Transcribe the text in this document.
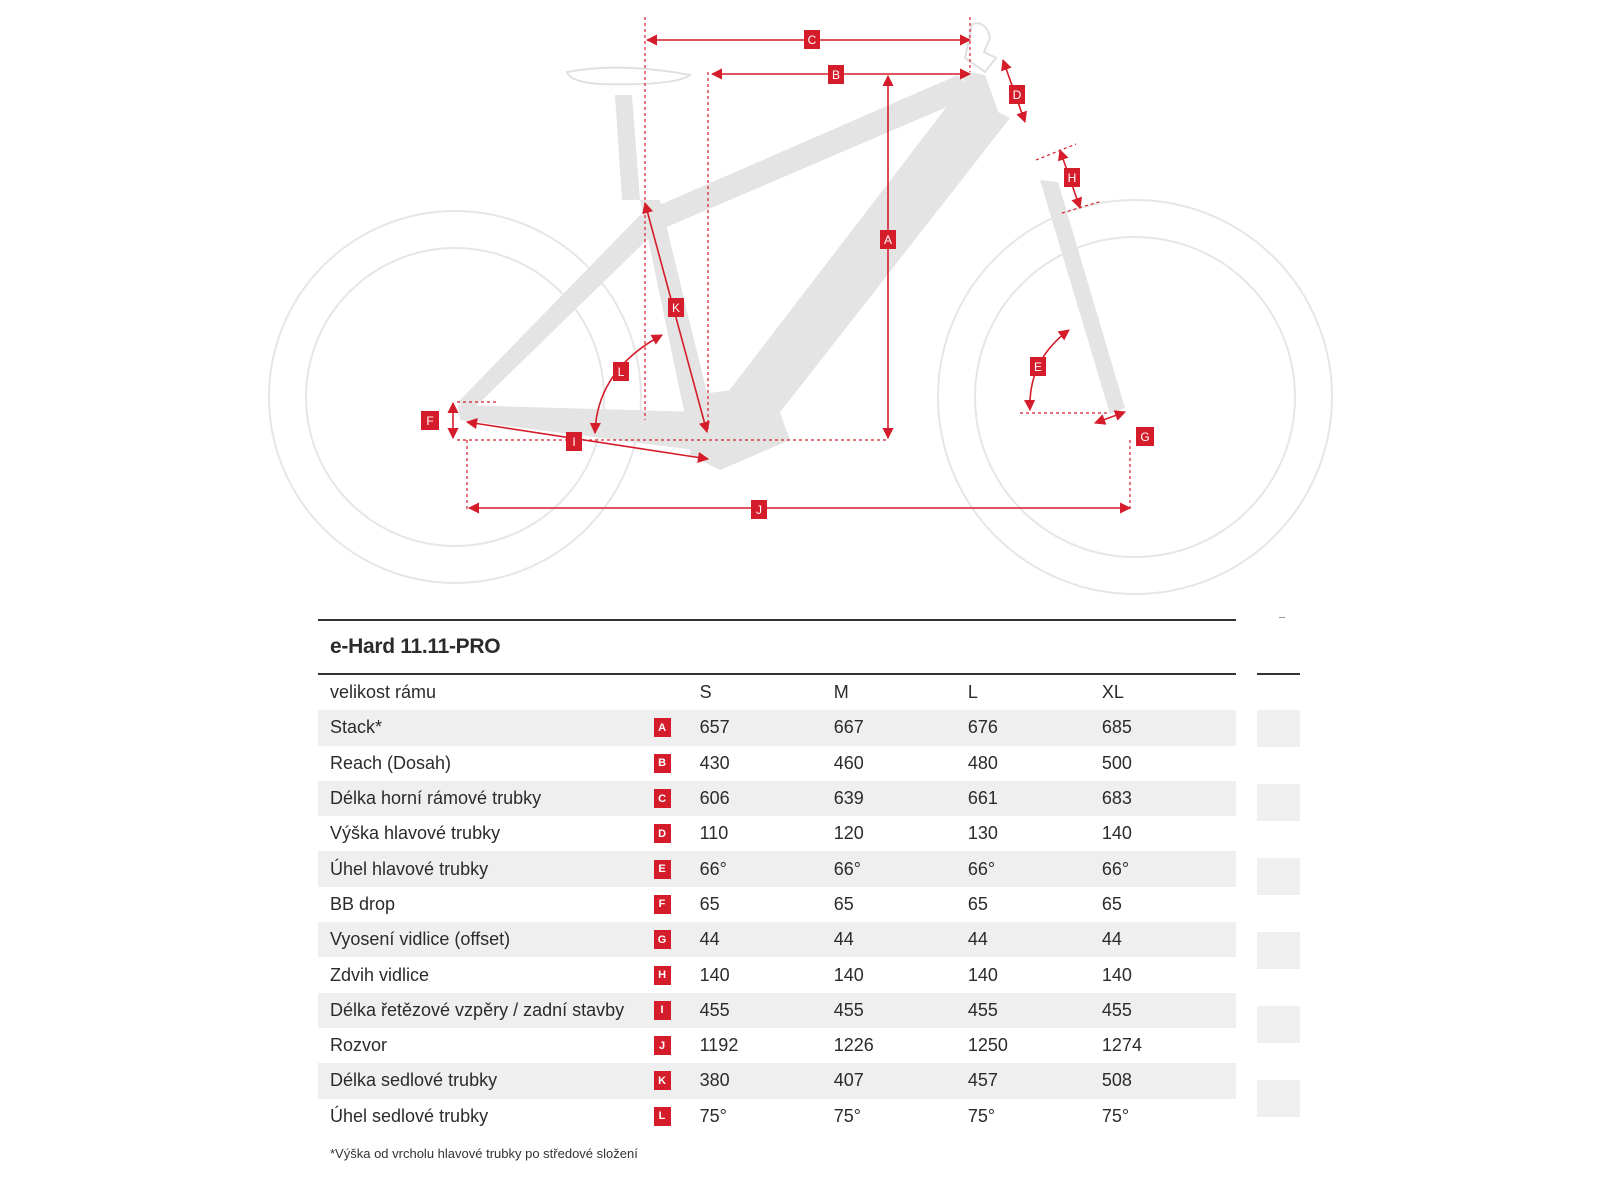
A
B
C
D
E
F
G
H
I
J
K
L
e-Hard 11.11-PRO
velikost rámu	S	M	L	XL
Stack*	A 657	667	676	685
Reach (Dosah)	B 430	460	480	500
Délka horní rámové trubky	C 606	639	661	683
Výška hlavové trubky	D 110	120	130	140
Úhel hlavové trubky	E 66°	66°	66°	66°
BB drop	F 65	65	65	65
Vyosení vidlice (offset)	G 44	44	44	44
Zdvih vidlice	H 140	140	140	140
Délka řetězové vzpěry / zadní stavby	I	455	455	455	455
Rozvor	J	1192	1226	1250	1274
Délka sedlové trubky	K 380	407	457	508
Úhel sedlové trubky	L 75°	75°	75°	75°
*Výška od vrcholu hlavové trubky po středové složení
